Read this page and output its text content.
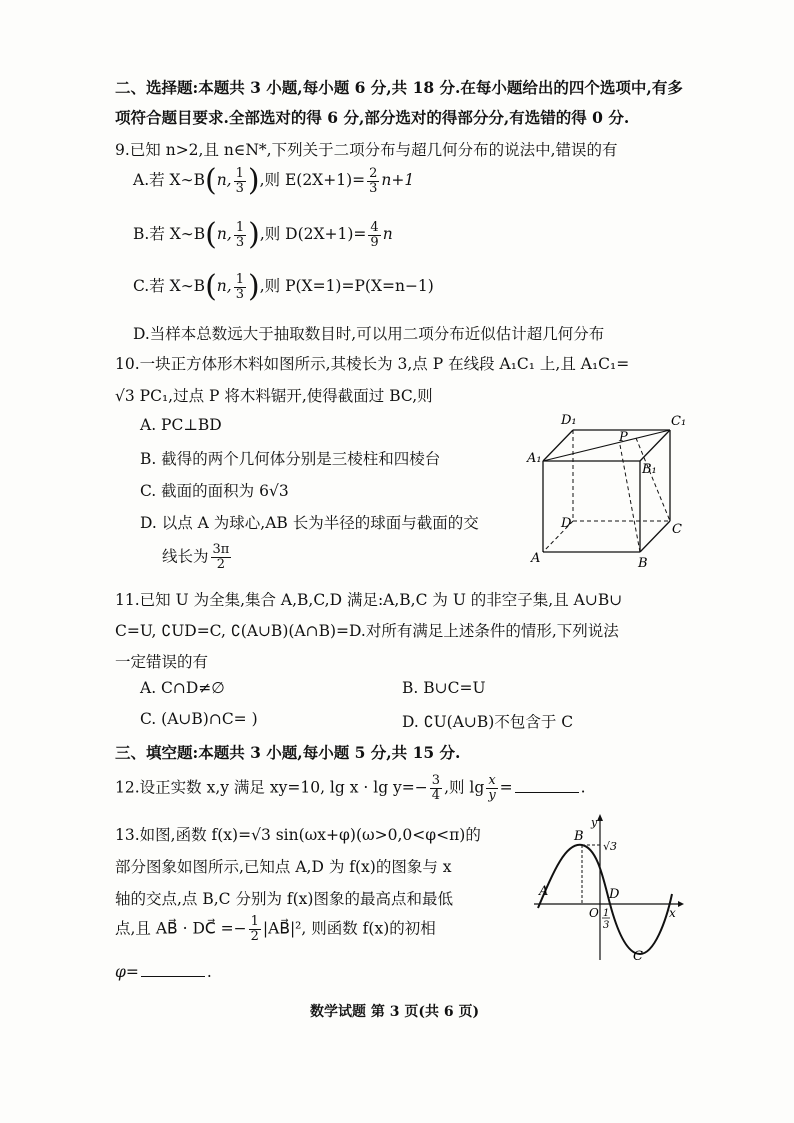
二、选择题:本题共 3 小题,每小题 6 分,共 18 分.在每小题给出的四个选项中,有多
项符合题目要求.全部选对的得 6 分,部分选对的得部分分,有选错的得 0 分.
9.已知 n>2,且 n∈N*,下列关于二项分布与超几何分布的说法中,错误的有
A.若 X∼B(n, $\frac{1}{3}$ ),则 $E(2X+1)= \frac{2}{3} n+1$
B.若 X∼B(n, $\frac{1}{3}$ ),则 $D(2X+1)= \frac{4}{9}$ n
C.若 X∼B(n, $\frac{1}{3}$ ),则 P(X=1)=P(X=n−1)
D.当样本总数远大于抽取数目时,可以用二项分布近似估计超几何分布
10.一块正方体形木料如图所示,其棱长为 3,点 P 在线段 A₁C₁ 上,且 A₁C₁=
√3 PC₁,过点 P 将木料锯开,使得截面过 BC,则
A. PC⊥BD
B. 截得的两个几何体分别是三棱柱和四棱台
C. 截面的面积为 6√3
D. 以点 A 为球心,AB 长为半径的球面与截面的交
线长为 $\frac{3\pi}{2}$
D₁	C₁
A₁
B₁
P
D	C
A	B
11.已知 U 为全集,集合 A,B,C,D 满足:A,B,C 为 U 的非空子集,且 A∪B∪
C=U, ∁UD=C, ∁(A∪B)(A∩B)=D.对所有满足上述条件的情形,下列说法
一定错误的有
A. C∩D≠∅	B. B∪C=U
C. (A∪B)∩C= )	D. ∁U(A∪B)不包含于 C
三、填空题:本题共 3 小题,每小题 5 分,共 15 分.
12.设正实数 x,y 满足 xy=10, $\lg x \cdot \lg y=- \frac{3}{4}$ ,则 $\lg \frac{x}{y}$ =	.
13.如图,函数 f(x)=√3 sin(ωx+φ)(ω>0,0<φ<π)的
部分图象如图所示,已知点 A,D 为 f(x)的图象与 x
轴的交点,点 B,C 分别为 f(x)图象的最高点和最低
点,且 AB⃗ · DC⃗ =− $\frac{1}{2}$ |AB⃗|², 则函数 f(x)的初相
φ=	.
B
y
√3
A	D
O	x
1
3
C
数学试题 第 3 页(共 6 页)
